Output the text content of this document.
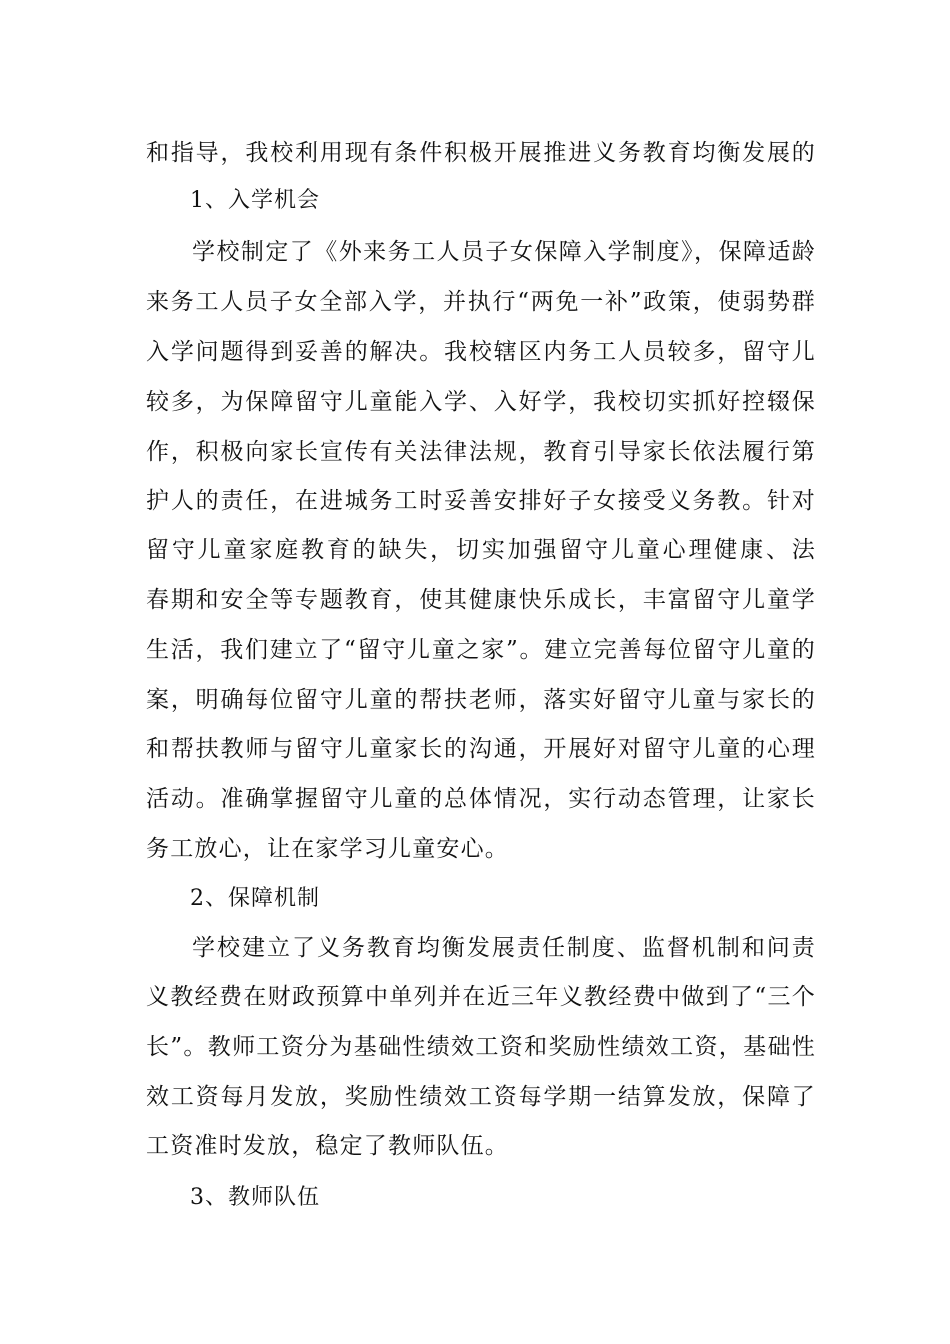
和指导，我校利用现有条件积极开展推进义务教育均衡发展的
1、入学机会
学校制定了《外来务工人员子女保障入学制度》，保障适龄
来务工人员子女全部入学，并执行“两免一补”政策，使弱势群
入学问题得到妥善的解决。我校辖区内务工人员较多，留守儿
较多，为保障留守儿童能入学、入好学，我校切实抓好控辍保
作，积极向家长宣传有关法律法规，教育引导家长依法履行第
护人的责任，在进城务工时妥善安排好子女接受义务教。针对
留守儿童家庭教育的缺失，切实加强留守儿童心理健康、法
春期和安全等专题教育，使其健康快乐成长，丰富留守儿童学
生活，我们建立了“留守儿童之家”。建立完善每位留守儿童的
案，明确每位留守儿童的帮扶老师，落实好留守儿童与家长的
和帮扶教师与留守儿童家长的沟通，开展好对留守儿童的心理
活动。准确掌握留守儿童的总体情况，实行动态管理，让家长
务工放心，让在家学习儿童安心。
2、保障机制
学校建立了义务教育均衡发展责任制度、监督机制和问责
义教经费在财政预算中单列并在近三年义教经费中做到了“三个
长”。教师工资分为基础性绩效工资和奖励性绩效工资，基础性
效工资每月发放，奖励性绩效工资每学期一结算发放，保障了
工资准时发放，稳定了教师队伍。
3、教师队伍
